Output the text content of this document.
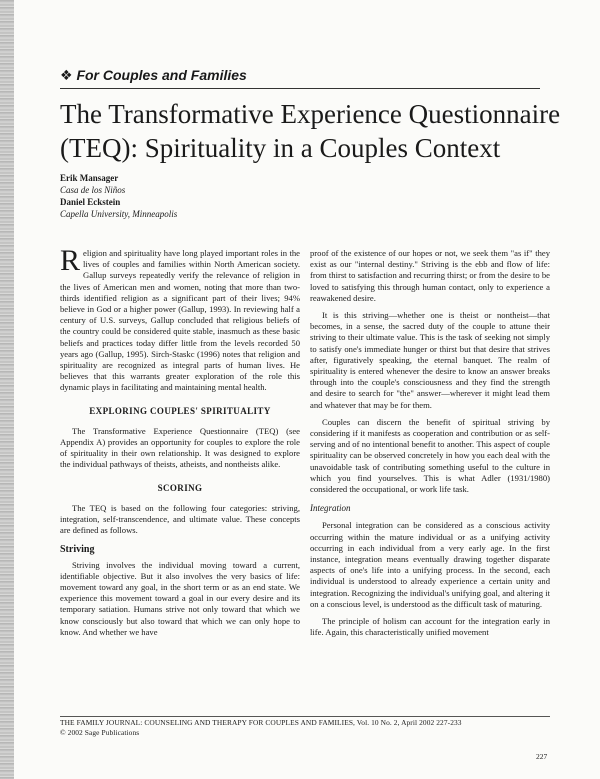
❖ For Couples and Families
The Transformative Experience Questionnaire (TEQ): Spirituality in a Couples Context
Erik Mansager
Casa de los Niños
Daniel Eckstein
Capella University, Minneapolis

Religion and spirituality have long played important roles in the lives of couples and families within North American society. Gallup surveys repeatedly verify the relevance of religion in the lives of American men and women, noting that more than two-thirds identified religion as a significant part of their lives; 94% believe in God or a higher power (Gallup, 1993). In reviewing half a century of U.S. surveys, Gallup concluded that religious beliefs of the country could be considered quite stable, inasmuch as these basic beliefs and practices today differ little from the levels recorded 50 years ago (Gallup, 1995). Sirch-Staskc (1996) notes that religion and spirituality are recognized as integral parts of human lives. He believes that this warrants greater exploration of the role this dynamic plays in facilitating and maintaining mental health.

EXPLORING COUPLES' SPIRITUALITY

The Transformative Experience Questionnaire (TEQ) (see Appendix A) provides an opportunity for couples to explore the role of spirituality in their own relationship. It was designed to explore the individual pathways of theists, atheists, and nontheists alike.

SCORING

The TEQ is based on the following four categories: striving, integration, self-transcendence, and ultimate value. These concepts are defined as follows.

Striving

Striving involves the individual moving toward a current, identifiable objective. But it also involves the very basics of life: movement toward any goal, in the short term or as an end state. We experience this movement toward a goal in our every desire and its temporary satiation. Humans strive not only toward that which we know consciously but also toward that which we can only hope to know. And whether we have

proof of the existence of our hopes or not, we seek them "as if" they exist as our "internal destiny." Striving is the ebb and flow of life: from thirst to satisfaction and recurring thirst; or from the desire to be loved to satisfying this through human contact, only to experience a reawakened desire.

It is this striving—whether one is theist or nontheist—that becomes, in a sense, the sacred duty of the couple to attune their striving to their ultimate value. This is the task of seeking not simply to satisfy one's immediate hunger or thirst but that desire that strives after, figuratively speaking, the eternal banquet. The realm of spirituality is entered whenever the desire to know an answer breaks through into the couple's consciousness and they find the strength and desire to search for "the" answer—wherever it might lead them and whatever that may be for them.

Couples can discern the benefit of spiritual striving by considering if it manifests as cooperation and contribution or as self-serving and of no intentional benefit to another. This aspect of couple spirituality can be observed concretely in how you each deal with the unavoidable task of contributing something useful to the culture in which you find yourselves. This is what Adler (1931/1980) considered the occupational, or work life task.

Integration

Personal integration can be considered as a conscious activity occurring within the mature individual or as a unifying activity occurring in each individual from a very early age. In the first instance, integration means eventually drawing together disparate aspects of one's life into a unifying process. In the second, each individual is understood to already experience a certain unity and integration. Recognizing the individual's unifying goal, and altering it on a conscious level, is understood as the difficult task of maturing.

The principle of holism can account for the integration early in life. Again, this characteristically unified movement

THE FAMILY JOURNAL: COUNSELING AND THERAPY FOR COUPLES AND FAMILIES, Vol. 10 No. 2, April 2002 227-233
© 2002 Sage Publications
227
